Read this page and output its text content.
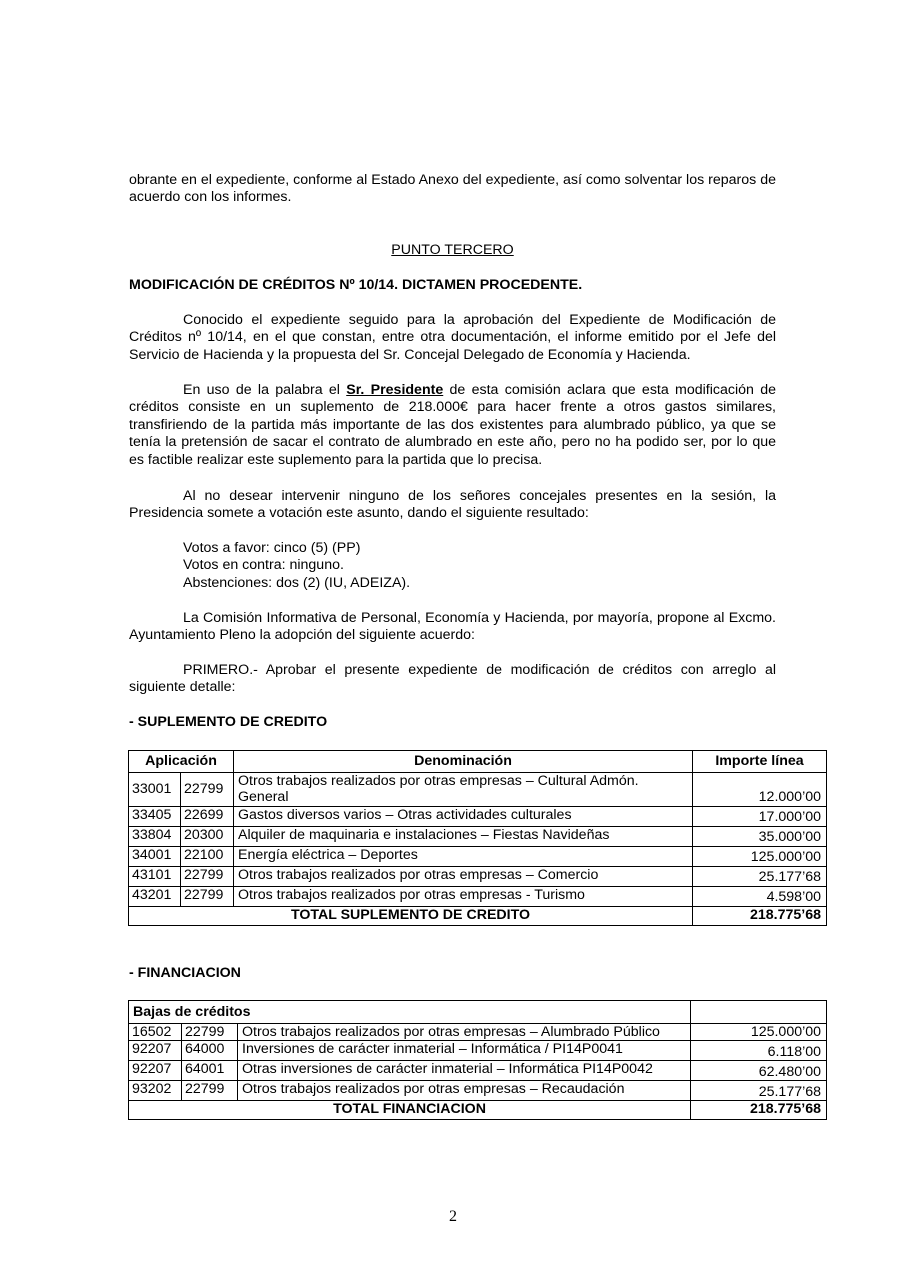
obrante en el expediente, conforme al Estado Anexo del expediente, así como solventar los reparos de acuerdo con los informes.

PUNTO TERCERO
MODIFICACIÓN DE CRÉDITOS Nº 10/14. DICTAMEN PROCEDENTE.

Conocido el expediente seguido para la aprobación del Expediente de Modificación de Créditos nº 10/14, en el que constan, entre otra documentación, el informe emitido por el Jefe del Servicio de Hacienda y la propuesta del Sr. Concejal Delegado de Economía y Hacienda.

En uso de la palabra el Sr. Presidente de esta comisión aclara que esta modificación de créditos consiste en un suplemento de 218.000€ para hacer frente a otros gastos similares, transfiriendo de la partida más importante de las dos existentes para alumbrado público, ya que se tenía la pretensión de sacar el contrato de alumbrado en este año, pero no ha podido ser, por lo que es factible realizar este suplemento para la partida que lo precisa.

Al no desear intervenir ninguno de los señores concejales presentes en la sesión, la Presidencia somete a votación este asunto, dando el siguiente resultado:

Votos a favor: cinco (5) (PP)
Votos en contra: ninguno.
Abstenciones: dos (2) (IU, ADEIZA).

La Comisión Informativa de Personal, Economía y Hacienda, por mayoría, propone al Excmo. Ayuntamiento Pleno la adopción del siguiente acuerdo:

PRIMERO.- Aprobar el presente expediente de modificación de créditos con arreglo al siguiente detalle:

- SUPLEMENTO DE CREDITO
Aplicación		Denominación	Importe línea
33001	22799	Otros trabajos realizados por otras empresas – Cultural Admón. General	12.000’00
33405	22699	Gastos diversos varios – Otras actividades culturales	17.000’00
33804	20300	Alquiler de maquinaria e instalaciones – Fiestas Navideñas	35.000’00
34001	22100	Energía eléctrica – Deportes	125.000’00
43101	22799	Otros trabajos realizados por otras empresas – Comercio	25.177’68
43201	22799	Otros trabajos realizados por otras empresas - Turismo	4.598’00
TOTAL SUPLEMENTO DE CREDITO			218.775’68
- FINANCIACION
Bajas de créditos			
16502	22799	Otros trabajos realizados por otras empresas – Alumbrado Público	125.000’00
92207	64000	Inversiones de carácter inmaterial – Informática / PI14P0041	6.118’00
92207	64001	Otras inversiones de carácter inmaterial – Informática PI14P0042	62.480’00
93202	22799	Otros trabajos realizados por otras empresas – Recaudación	25.177’68
TOTAL FINANCIACION			218.775’68
2
